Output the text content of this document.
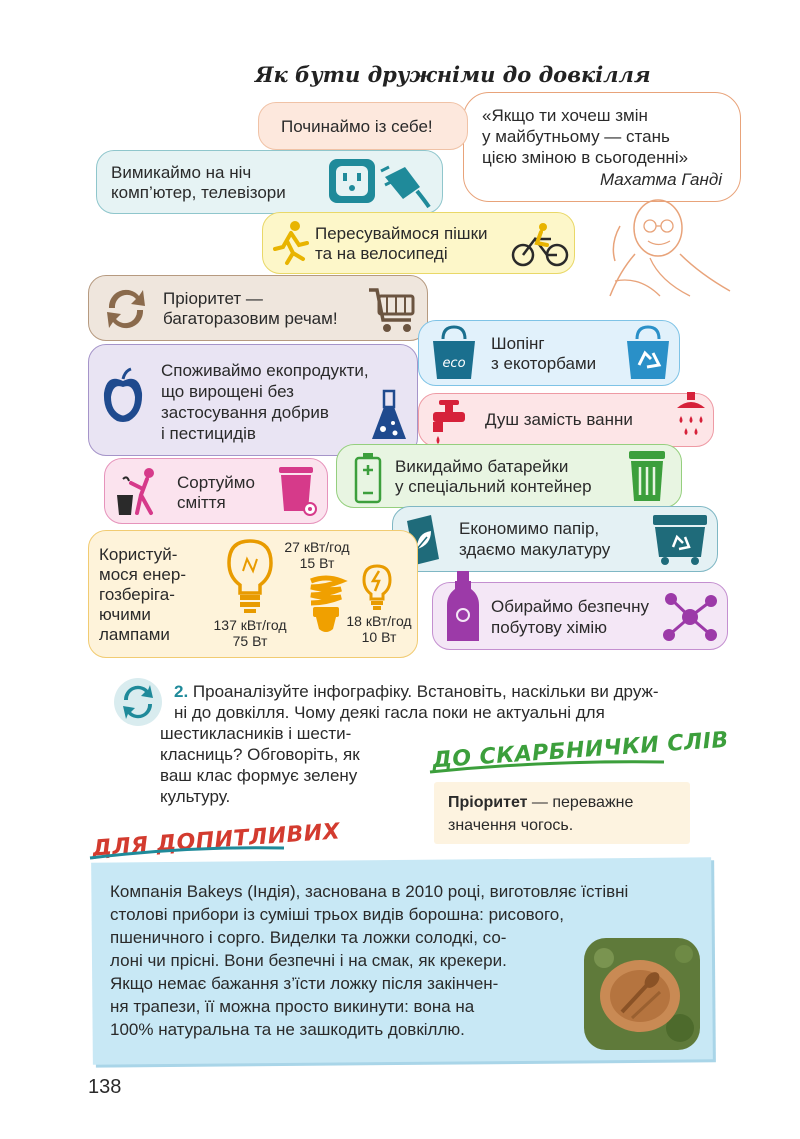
Як бути дружніми до довкілля
«Якщо ти хочеш змін
у майбутньому — стань
цією зміною в сьогоденні»
Махатма Ганді
Починаймо із себе!
Вимикаймо на ніч
комп’ютер, телевізори
Пересуваймося пішки
та на велосипеді
Пріоритет —
багаторазовим речам!
eco
Шопінг
з екоторбами
Споживаймо екопродукти,
що вирощені без
застосування добрив
і пестицидів
Душ замість ванни
Сортуймо
сміття
Викидаймо батарейки
у спеціальний контейнер
Економимо папір,
здаємо макулатуру
Користуй-
мося енер-
гозберіга-
ючими
лампами	137 кВт/год
75 Вт
27 кВт/год
15 Вт
18 кВт/год
10 Вт
Обираймо безпечну
побутову хімію
2. Проаналізуйте інфографіку. Встановіть, наскільки ви друж-
ні до довкілля. Чому деякі гасла поки не актуальні для
шестикласників і шести-
класниць? Обговоріть, як
ваш клас формує зелену
культуру.
ДО СКАРБНИЧКИ СЛІВ
Пріоритет — переважне
значення чогось.
ДЛЯ ДОПИТЛИВИХ
Компанія Bakeys (Індія), заснована в 2010 році, виготовляє їстівні
столові прибори із суміші трьох видів борошна: рисового,
пшеничного і сорго. Виделки та ложки солодкі, со-
лоні чи прісні. Вони безпечні і на смак, як крекери.
Якщо немає бажання з’їсти ложку після закінчен-
ня трапези, її можна просто викинути: вона на
100% натуральна та не зашкодить довкіллю.
138
